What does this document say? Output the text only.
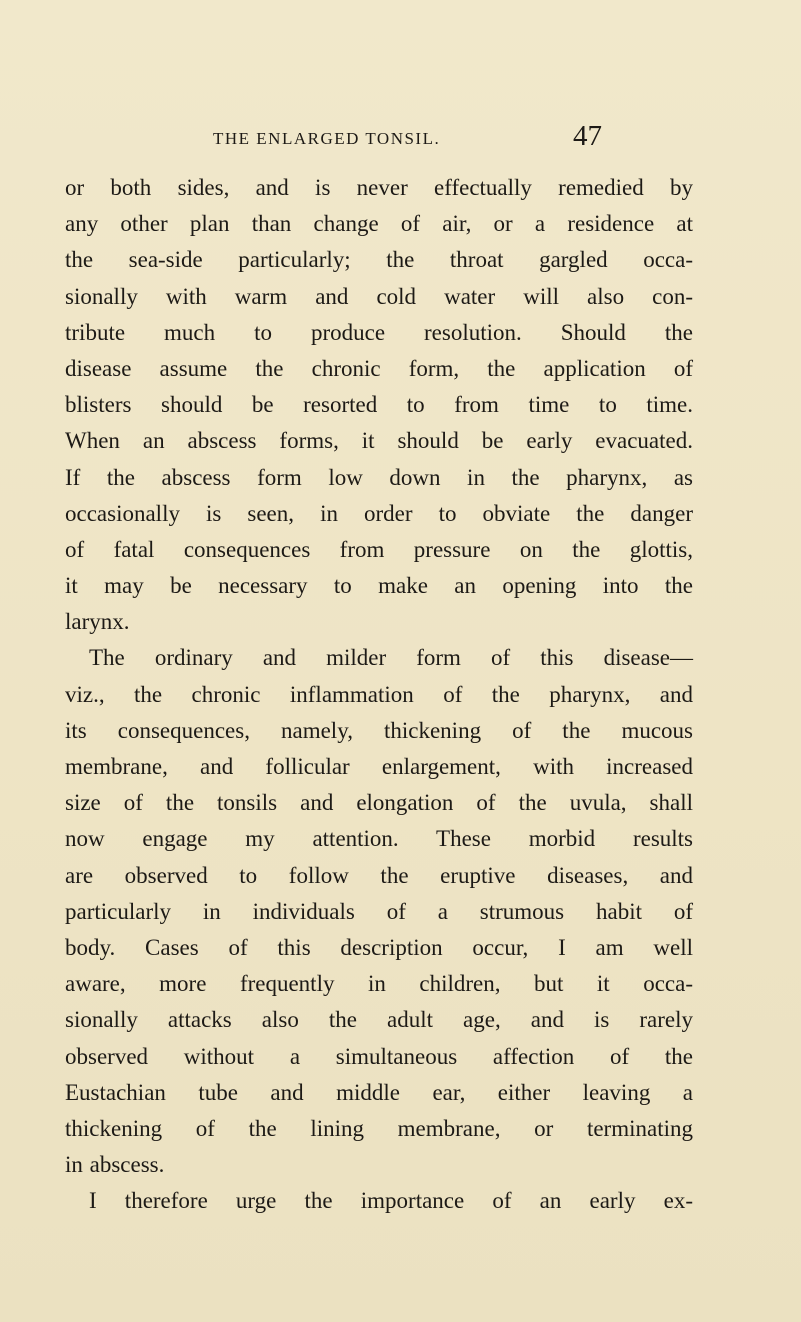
THE ENLARGED TONSIL.	47
or both sides, and is never effectually remedied by
any other plan than change of air, or a residence at
the sea-side particularly; the throat gargled occa-
sionally with warm and cold water will also con-
tribute much to produce resolution. Should the
disease assume the chronic form, the application of
blisters should be resorted to from time to time.
When an abscess forms, it should be early evacuated.
If the abscess form low down in the pharynx, as
occasionally is seen, in order to obviate the danger
of fatal consequences from pressure on the glottis,
it may be necessary to make an opening into the
larynx.
The ordinary and milder form of this disease—
viz., the chronic inflammation of the pharynx, and
its consequences, namely, thickening of the mucous
membrane, and follicular enlargement, with increased
size of the tonsils and elongation of the uvula, shall
now engage my attention. These morbid results
are observed to follow the eruptive diseases, and
particularly in individuals of a strumous habit of
body. Cases of this description occur, I am well
aware, more frequently in children, but it occa-
sionally attacks also the adult age, and is rarely
observed without a simultaneous affection of the
Eustachian tube and middle ear, either leaving a
thickening of the lining membrane, or terminating
in abscess.
I therefore urge the importance of an early ex-
